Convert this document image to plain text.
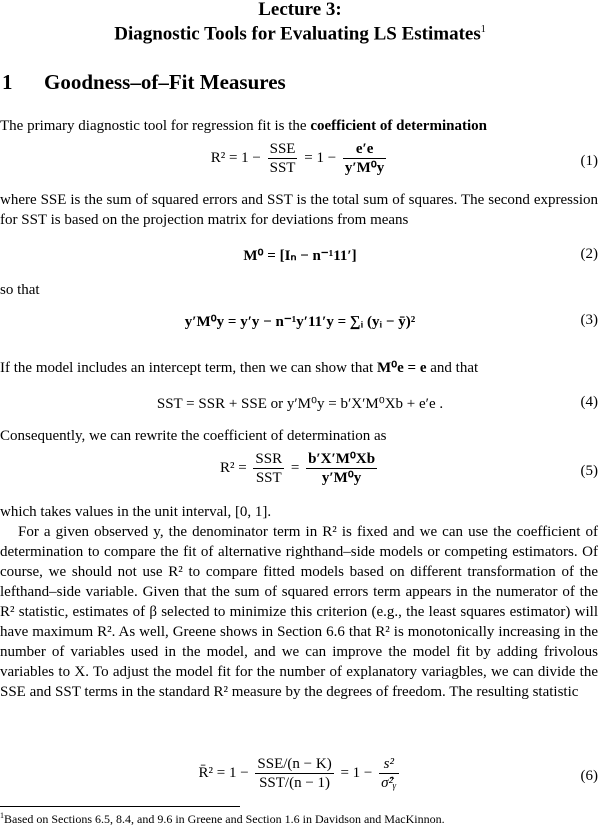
Lecture 3:
Diagnostic Tools for Evaluating LS Estimates$^1$
1 Goodness–of–Fit Measures
The primary diagnostic tool for regression fit is the coefficient of determination
$R^2 = 1 - \frac{\text{SSE}}{\text{SST}} = 1 - \frac{e'e}{\text{y′M⁰y}}$	(1)
where SSE is the sum of squared errors and SST is the total sum of squares. The second expression for SST is based on the projection matrix for deviations from means
M⁰ = [Iₙ − n⁻¹11′]	(2)
so that
y′M⁰y = y′y − n⁻¹y′11′y = ∑ᵢ (yᵢ − ȳ)²	(3)
If the model includes an intercept term, then we can show that M⁰e = e and that
SST = SSR + SSE or y′M⁰y = b′X′M⁰Xb + e′e .	(4)
Consequently, we can rewrite the coefficient of determination as
$R^2 = \frac{\text{SSR}}{\text{SST}} = \frac{\text{b′X′M⁰Xb}}{\text{y′M⁰y}}$	(5)
which takes values in the unit interval, [0, 1].
For a given observed y, the denominator term in R² is fixed and we can use the coefficient of determination to compare the fit of alternative righthand–side models or competing estimators. Of course, we should not use R² to compare fitted models based on different transformation of the lefthand–side variable. Given that the sum of squared errors term appears in the numerator of the R² statistic, estimates of β selected to minimize this criterion (e.g., the least squares estimator) will have maximum R². As well, Greene shows in Section 6.6 that R² is monotonically increasing in the number of variables used in the model, and we can improve the model fit by adding frivolous variables to X. To adjust the model fit for the number of explanatory variagbles, we can divide the SSE and SST terms in the standard R² measure by the degrees of freedom. The resulting statistic
R̄² = $1 - \frac{\text{SSE/(n − K)}}{\text{SST/(n − 1)}} = 1 - \frac{\text{s²}}{\text{σ̂²ᵧ}}$	(6)
$^1$Based on Sections 6.5, 8.4, and 9.6 in Greene and Section 1.6 in Davidson and MacKinnon.
